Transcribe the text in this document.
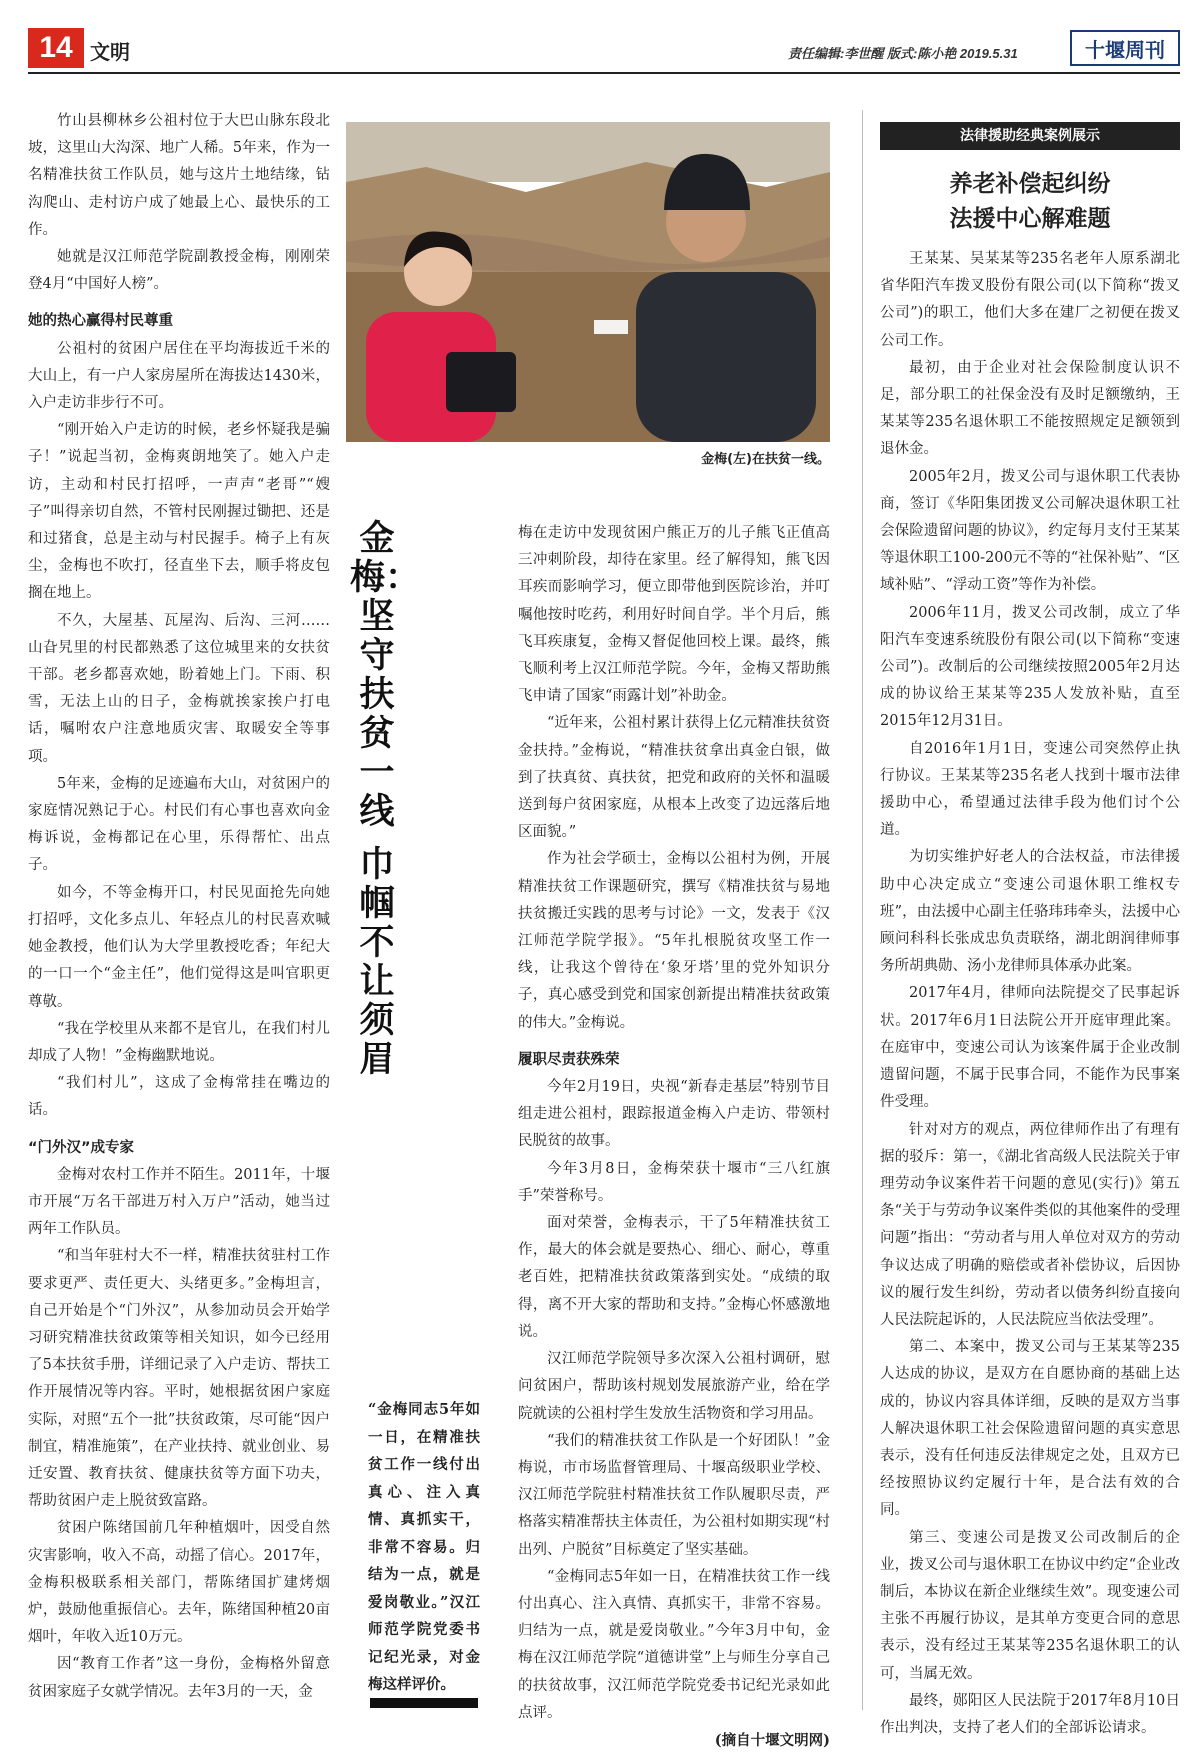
14 文明	责任编辑:李世醒 版式:陈小艳 2019.5.31	十堰周刊

竹山县柳林乡公祖村位于大巴山脉东段北坡，这里山大沟深、地广人稀。5年来，作为一名精准扶贫工作队员，她与这片土地结缘，钻沟爬山、走村访户成了她最上心、最快乐的工作。

她就是汉江师范学院副教授金梅，刚刚荣登4月“中国好人榜”。

她的热心赢得村民尊重

公祖村的贫困户居住在平均海拔近千米的大山上，有一户人家房屋所在海拔达1430米，入户走访非步行不可。

“刚开始入户走访的时候，老乡怀疑我是骗子！”说起当初，金梅爽朗地笑了。她入户走访，主动和村民打招呼，一声声“老哥”“嫂子”叫得亲切自然，不管村民刚握过锄把、还是和过猪食，总是主动与村民握手。椅子上有灰尘，金梅也不吹打，径直坐下去，顺手将皮包搁在地上。

不久，大屋基、瓦屋沟、后沟、三河……山旮旯里的村民都熟悉了这位城里来的女扶贫干部。老乡都喜欢她，盼着她上门。下雨、积雪，无法上山的日子，金梅就挨家挨户打电话，嘱咐农户注意地质灾害、取暖安全等事项。

5年来，金梅的足迹遍布大山，对贫困户的家庭情况熟记于心。村民们有心事也喜欢向金梅诉说，金梅都记在心里，乐得帮忙、出点子。

如今，不等金梅开口，村民见面抢先向她打招呼，文化多点儿、年轻点儿的村民喜欢喊她金教授，他们认为大学里教授吃香；年纪大的一口一个“金主任”，他们觉得这是叫官职更尊敬。

“我在学校里从来都不是官儿，在我们村儿却成了人物！”金梅幽默地说。

“我们村儿”，这成了金梅常挂在嘴边的话。

“门外汉”成专家

金梅对农村工作并不陌生。2011年，十堰市开展“万名干部进万村入万户”活动，她当过两年工作队员。

“和当年驻村大不一样，精准扶贫驻村工作要求更严、责任更大、头绪更多。”金梅坦言，自己开始是个“门外汉”，从参加动员会开始学习研究精准扶贫政策等相关知识，如今已经用了5本扶贫手册，详细记录了入户走访、帮扶工作开展情况等内容。平时，她根据贫困户家庭实际，对照“五个一批”扶贫政策，尽可能“因户制宜，精准施策”，在产业扶持、就业创业、易迁安置、教育扶贫、健康扶贫等方面下功夫，帮助贫困户走上脱贫致富路。

贫困户陈绪国前几年种植烟叶，因受自然灾害影响，收入不高，动摇了信心。2017年，金梅积极联系相关部门，帮陈绪国扩建烤烟炉，鼓励他重振信心。去年，陈绪国种植20亩烟叶，年收入近10万元。

因“教育工作者”这一身份，金梅格外留意贫困家庭子女就学情况。去年3月的一天，金

金梅(左)在扶贫一线。
金梅：坚守扶贫一线
巾帼不让须眉
“金梅同志5年如一日，在精准扶贫工作一线付出真心、注入真情、真抓实干，非常不容易。归结为一点，就是爱岗敬业。”汉江师范学院党委书记纪光录，对金梅这样评价。

梅在走访中发现贫困户熊正万的儿子熊飞正值高三冲刺阶段，却待在家里。经了解得知，熊飞因耳疾而影响学习，便立即带他到医院诊治，并叮嘱他按时吃药，利用好时间自学。半个月后，熊飞耳疾康复，金梅又督促他回校上课。最终，熊飞顺利考上汉江师范学院。今年，金梅又帮助熊飞申请了国家“雨露计划”补助金。

“近年来，公祖村累计获得上亿元精准扶贫资金扶持。”金梅说，“精准扶贫拿出真金白银，做到了扶真贫、真扶贫，把党和政府的关怀和温暖送到每户贫困家庭，从根本上改变了边远落后地区面貌。”

作为社会学硕士，金梅以公祖村为例，开展精准扶贫工作课题研究，撰写《精准扶贫与易地扶贫搬迁实践的思考与讨论》一文，发表于《汉江师范学院学报》。“5年扎根脱贫攻坚工作一线，让我这个曾待在‘象牙塔’里的党外知识分子，真心感受到党和国家创新提出精准扶贫政策的伟大。”金梅说。

履职尽责获殊荣

今年2月19日，央视“新春走基层”特别节目组走进公祖村，跟踪报道金梅入户走访、带领村民脱贫的故事。

今年3月8日，金梅荣获十堰市“三八红旗手”荣誉称号。

面对荣誉，金梅表示，干了5年精准扶贫工作，最大的体会就是要热心、细心、耐心，尊重老百姓，把精准扶贫政策落到实处。“成绩的取得，离不开大家的帮助和支持。”金梅心怀感激地说。

汉江师范学院领导多次深入公祖村调研，慰问贫困户，帮助该村规划发展旅游产业，给在学院就读的公祖村学生发放生活物资和学习用品。

“我们的精准扶贫工作队是一个好团队！”金梅说，市市场监督管理局、十堰高级职业学校、汉江师范学院驻村精准扶贫工作队履职尽责，严格落实精准帮扶主体责任，为公祖村如期实现“村出列、户脱贫”目标奠定了坚实基础。

“金梅同志5年如一日，在精准扶贫工作一线付出真心、注入真情、真抓实干，非常不容易。归结为一点，就是爱岗敬业。”今年3月中旬，金梅在汉江师范学院“道德讲堂”上与师生分享自己的扶贫故事，汉江师范学院党委书记纪光录如此点评。

(摘自十堰文明网)

法律援助经典案例展示
养老补偿起纠纷
法援中心解难题

王某某、吴某某等235名老年人原系湖北省华阳汽车拨叉股份有限公司(以下简称“拨叉公司”)的职工，他们大多在建厂之初便在拨叉公司工作。

最初，由于企业对社会保险制度认识不足，部分职工的社保金没有及时足额缴纳，王某某等235名退休职工不能按照规定足额领到退休金。

2005年2月，拨叉公司与退休职工代表协商，签订《华阳集团拨叉公司解决退休职工社会保险遗留问题的协议》，约定每月支付王某某等退休职工100-200元不等的“社保补贴”、“区域补贴”、“浮动工资”等作为补偿。

2006年11月，拨叉公司改制，成立了华阳汽车变速系统股份有限公司(以下简称“变速公司”)。改制后的公司继续按照2005年2月达成的协议给王某某等235人发放补贴，直至2015年12月31日。

自2016年1月1日，变速公司突然停止执行协议。王某某等235名老人找到十堰市法律援助中心，希望通过法律手段为他们讨个公道。

为切实维护好老人的合法权益，市法律援助中心决定成立“变速公司退休职工维权专班”，由法援中心副主任骆玮玮牵头，法援中心顾问科科长张成忠负责联络，湖北朗润律师事务所胡典勋、汤小龙律师具体承办此案。

2017年4月，律师向法院提交了民事起诉状。2017年6月1日法院公开开庭审理此案。在庭审中，变速公司认为该案件属于企业改制遗留问题，不属于民事合同，不能作为民事案件受理。

针对对方的观点，两位律师作出了有理有据的驳斥：第一，《湖北省高级人民法院关于审理劳动争议案件若干问题的意见(实行)》第五条“关于与劳动争议案件类似的其他案件的受理问题”指出：“劳动者与用人单位对双方的劳动争议达成了明确的赔偿或者补偿协议，后因协议的履行发生纠纷，劳动者以债务纠纷直接向人民法院起诉的，人民法院应当依法受理”。

第二、本案中，拨叉公司与王某某等235人达成的协议，是双方在自愿协商的基础上达成的，协议内容具体详细，反映的是双方当事人解决退休职工社会保险遗留问题的真实意思表示，没有任何违反法律规定之处，且双方已经按照协议约定履行十年，是合法有效的合同。

第三、变速公司是拨叉公司改制后的企业，拨叉公司与退休职工在协议中约定“企业改制后，本协议在新企业继续生效”。现变速公司主张不再履行协议，是其单方变更合同的意思表示，没有经过王某某等235名退休职工的认可，当属无效。

最终，郧阳区人民法院于2017年8月10日作出判决，支持了老人们的全部诉讼请求。
